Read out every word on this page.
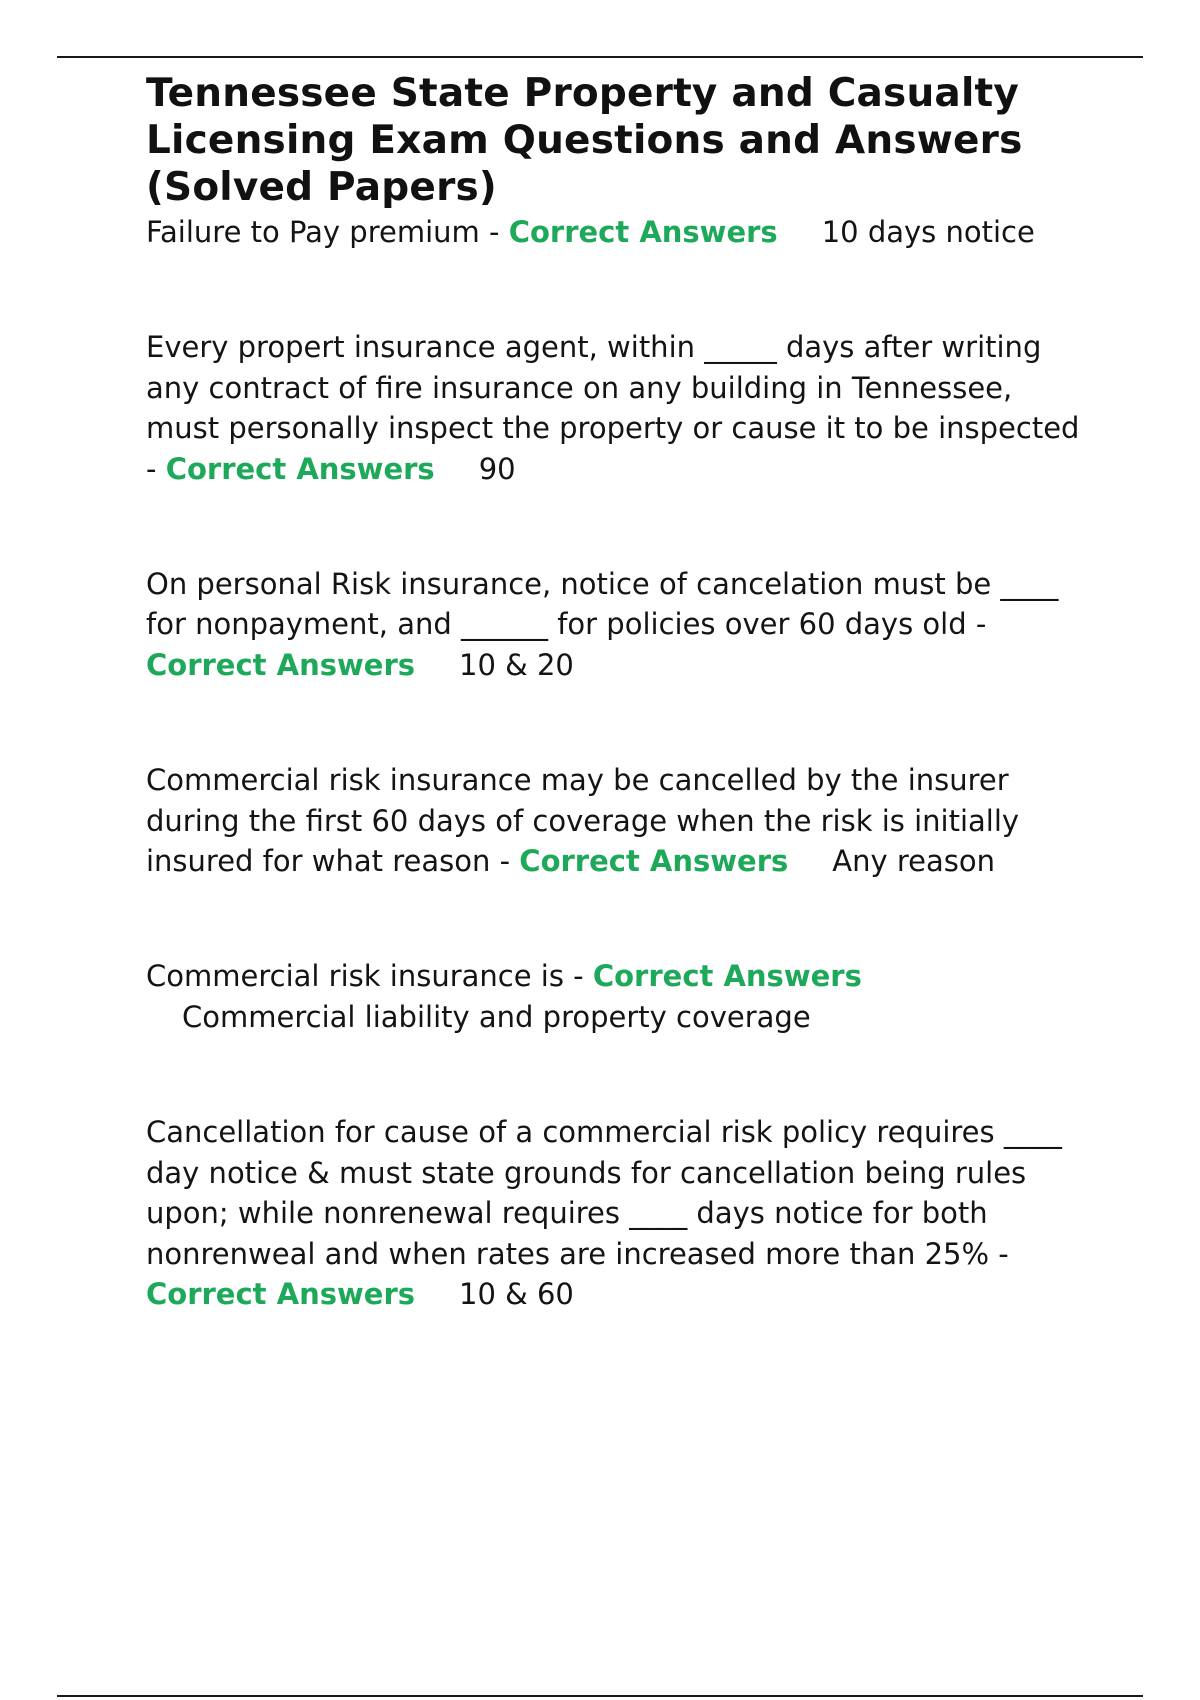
Tennessee State Property and Casualty Licensing Exam Questions and Answers (Solved Papers)

Failure to Pay premium - Correct Answers 10 days notice

Every propert insurance agent, within _____ days after writing any contract of fire insurance on any building in Tennessee, must personally inspect the property or cause it to be inspected - Correct Answers 90

On personal Risk insurance, notice of cancelation must be ____ for nonpayment, and ______ for policies over 60 days old - Correct Answers 10 & 20

Commercial risk insurance may be cancelled by the insurer during the first 60 days of coverage when the risk is initially insured for what reason - Correct Answers Any reason

Commercial risk insurance is - Correct Answers
Commercial liability and property coverage

Cancellation for cause of a commercial risk policy requires ____ day notice & must state grounds for cancellation being rules upon; while nonrenewal requires ____ days notice for both nonrenweal and when rates are increased more than 25% - Correct Answers 10 & 60
